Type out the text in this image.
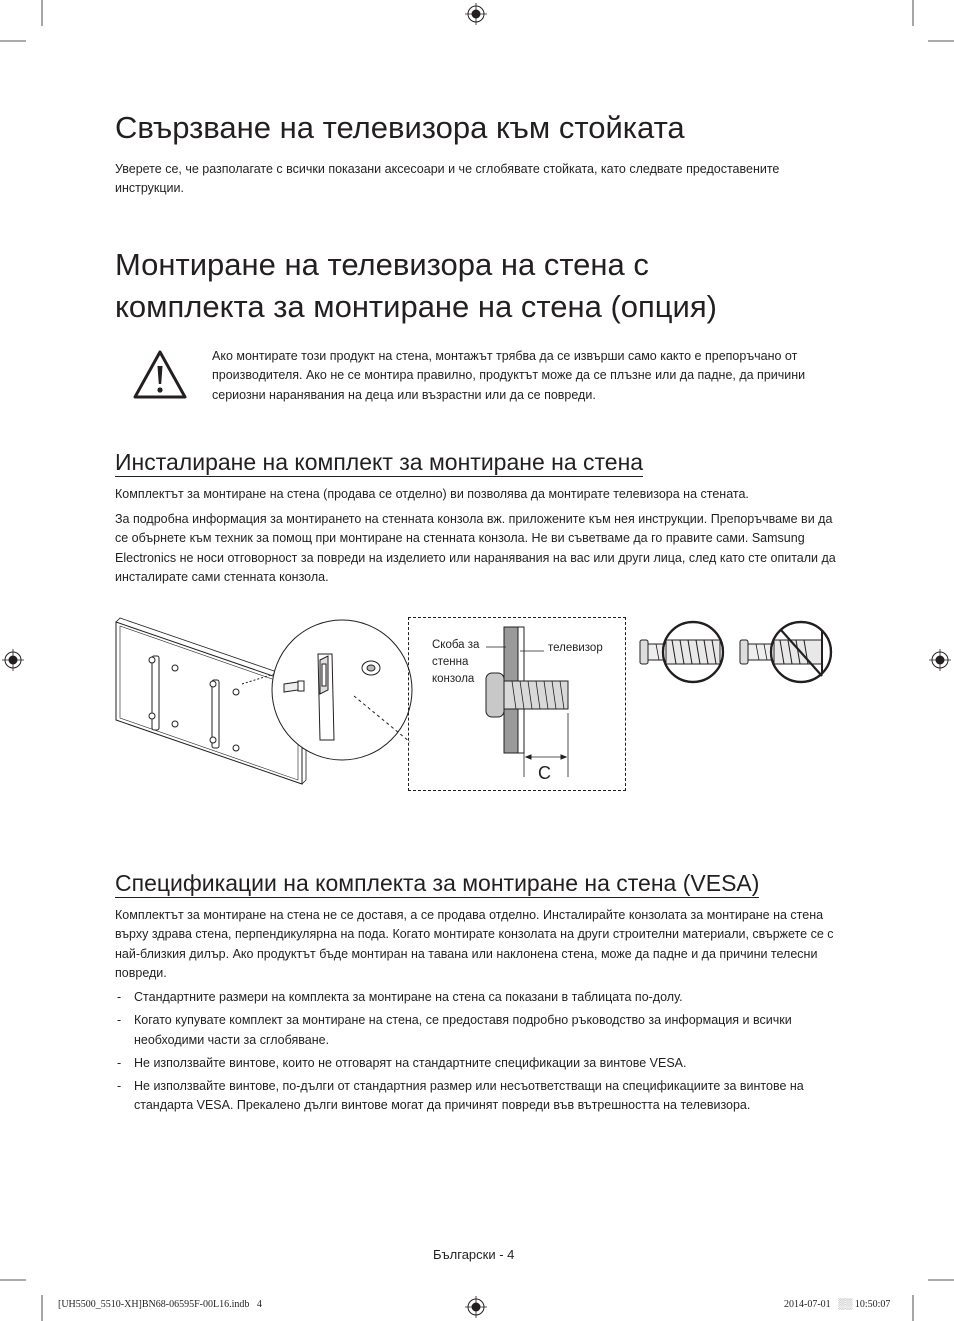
Свързване на телевизора към стойката

Уверете се, че разполагате с всички показани аксесоари и че сглобявате стойката, като следвате предоставените инструкции.

Монтиране на телевизора на стена с
комплекта за монтиране на стена (опция)

Ако монтирате този продукт на стена, монтажът трябва да се извърши само както е препоръчано от производителя. Ако не се монтира правилно, продуктът може да се плъзне или да падне, да причини сериозни наранявания на деца или възрастни или да се повреди.

Инсталиране на комплект за монтиране на стена

Комплектът за монтиране на стена (продава се отделно) ви позволява да монтирате телевизора на стената.

За подробна информация за монтирането на стенната конзола вж. приложените към нея инструкции. Препоръчваме ви да се обърнете към техник за помощ при монтиране на стенната конзола. Не ви съветваме да го правите сами. Samsung Electronics не носи отговорност за повреди на изделието или наранявания на вас или други лица, след като сте опитали да инсталирате сами стенната конзола.

Скоба за
стенна
конзола
телевизор
C
Спецификации на комплекта за монтиране на стена (VESA)

Комплектът за монтиране на стена не се доставя, а се продава отделно. Инсталирайте конзолата за монтиране на стена върху здрава стена, перпендикулярна на пода. Когато монтирате конзолата на други строителни материали, свържете се с най-близкия дилър. Ако продуктът бъде монтиран на тавана или наклонена стена, може да падне и да причини телесни повреди.

- Стандартните размери на комплекта за монтиране на стена са показани в таблицата по-долу.
- Когато купувате комплект за монтиране на стена, се предоставя подробно ръководство за информация и всички необходими части за сглобяване.
- Не използвайте винтове, които не отговарят на стандартните спецификации за винтове VESA.
- Не използвайте винтове, по-дълги от стандартния размер или несъответстващи на спецификациите за винтове на стандарта VESA. Прекалено дълги винтове могат да причинят повреди във вътрешността на телевизора.
Български - 4
[UH5500_5510-XH]BN68-06595F-00L16.indb   4	2014-07-01   ░░ 10:50:07
